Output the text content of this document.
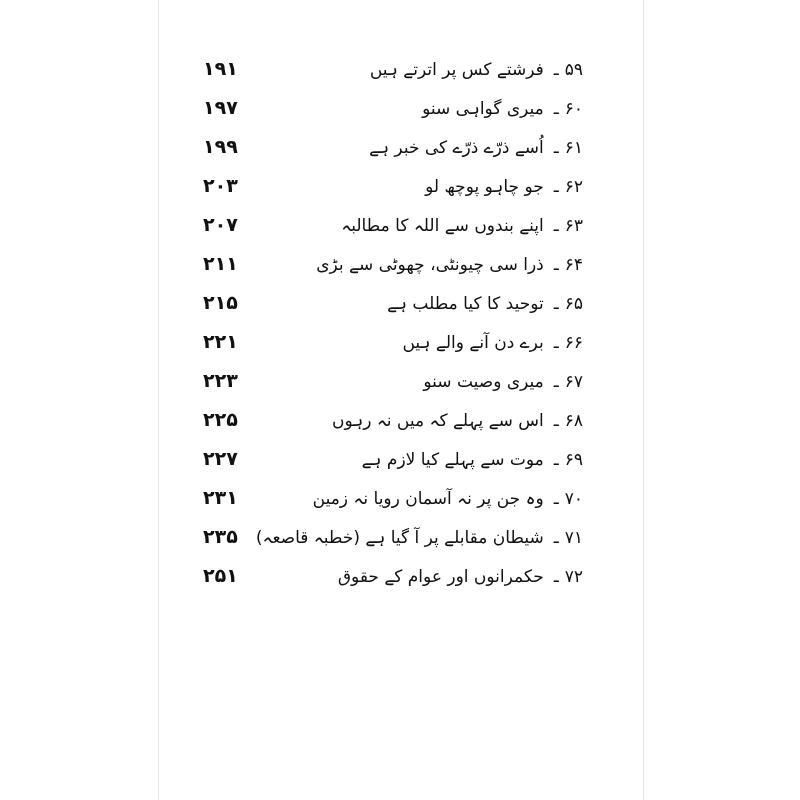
۵۹ـفرشتے کس پر اترتے ہیں
۱۹۱
۶۰ـمیری گواہی سنو
۱۹۷
۶۱ـاُسے ذرّے ذرّے کی خبر ہے
۱۹۹
۶۲ـجو چاہو پوچھ لو
۲۰۳
۶۳ـاپنے بندوں سے اللہ کا مطالبہ
۲۰۷
۶۴ـذرا سی چیونٹی، چھوٹی سے بڑی
۲۱۱
۶۵ـتوحید کا کیا مطلب ہے
۲۱۵
۶۶ـبرے دن آنے والے ہیں
۲۲۱
۶۷ـمیری وصیت سنو
۲۲۳
۶۸ـاس سے پہلے کہ میں نہ رہوں
۲۲۵
۶۹ـموت سے پہلے کیا لازم ہے
۲۲۷
۷۰ـوہ جن پر نہ آسمان رویا نہ زمین
۲۳۱
۷۱ـشیطان مقابلے پر آ گیا ہے (خطبہ قاصعہ)
۲۳۵
۷۲ـحکمرانوں اور عوام کے حقوق
۲۵۱
